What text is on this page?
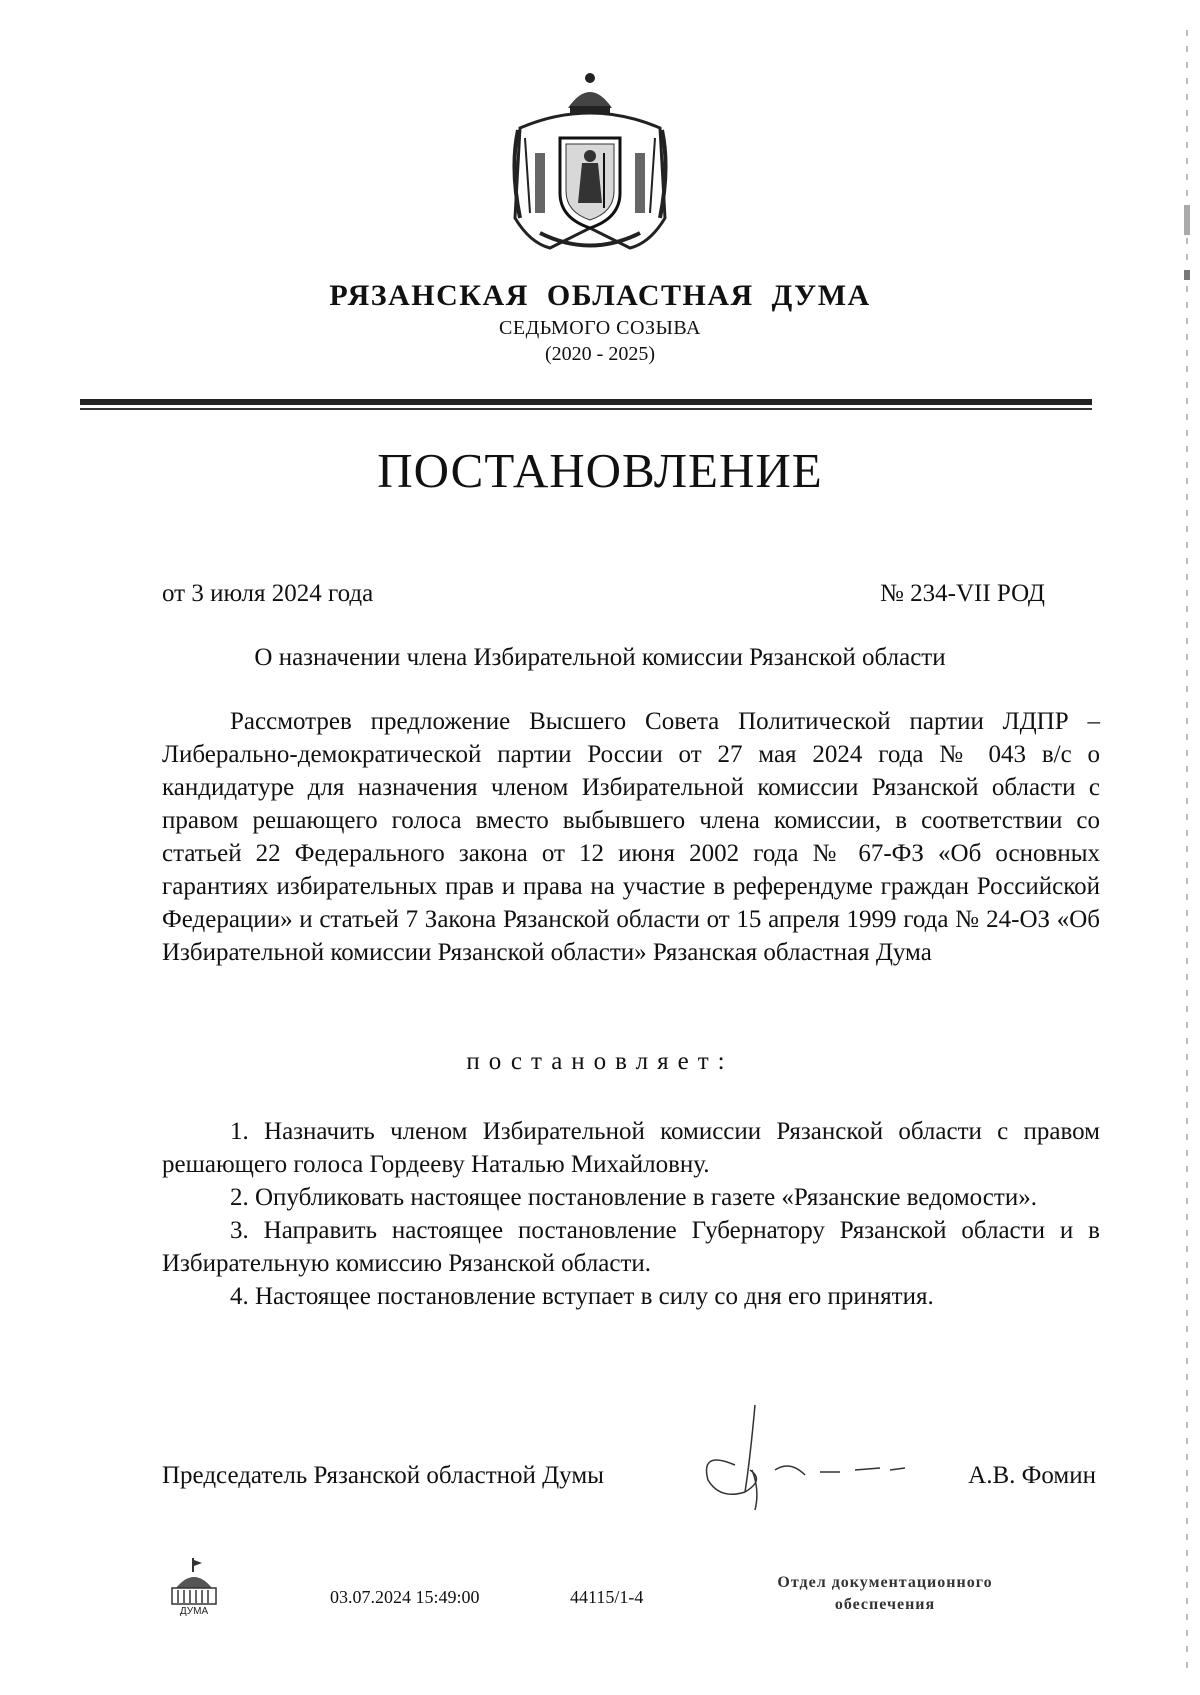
РЯЗАНСКАЯ  ОБЛАСТНАЯ  ДУМА
СЕДЬМОГО СОЗЫВА
(2020 - 2025)
ПОСТАНОВЛЕНИЕ
от 3 июля 2024 года	№ 234-VII РОД
О назначении члена Избирательной комиссии Рязанской области

Рассмотрев предложение Высшего Совета Политической партии ЛДПР – Либерально-демократической партии России от 27 мая 2024 года № 043 в/с о кандидатуре для назначения членом Избирательной комиссии Рязанской области с правом решающего голоса вместо выбывшего члена комиссии, в соответствии со статьей 22 Федерального закона от 12 июня 2002 года № 67-ФЗ «Об основных гарантиях избирательных прав и права на участие в референдуме граждан Российской Федерации» и статьей 7 Закона Рязанской области от 15 апреля 1999 года № 24-ОЗ «Об Избирательной комиссии Рязанской области» Рязанская областная Дума

постановляет:

1. Назначить членом Избирательной комиссии Рязанской области с правом решающего голоса Гордееву Наталью Михайловну.

2. Опубликовать настоящее постановление в газете «Рязанские ведомости».

3. Направить настоящее постановление Губернатору Рязанской области и в Избирательную комиссию Рязанской области.

4. Настоящее постановление вступает в силу со дня его принятия.

Председатель Рязанской областной Думы	А.В. Фомин
ДУМА
03.07.2024 15:49:00	44115/1-4
Отдел документационного обеспечения
